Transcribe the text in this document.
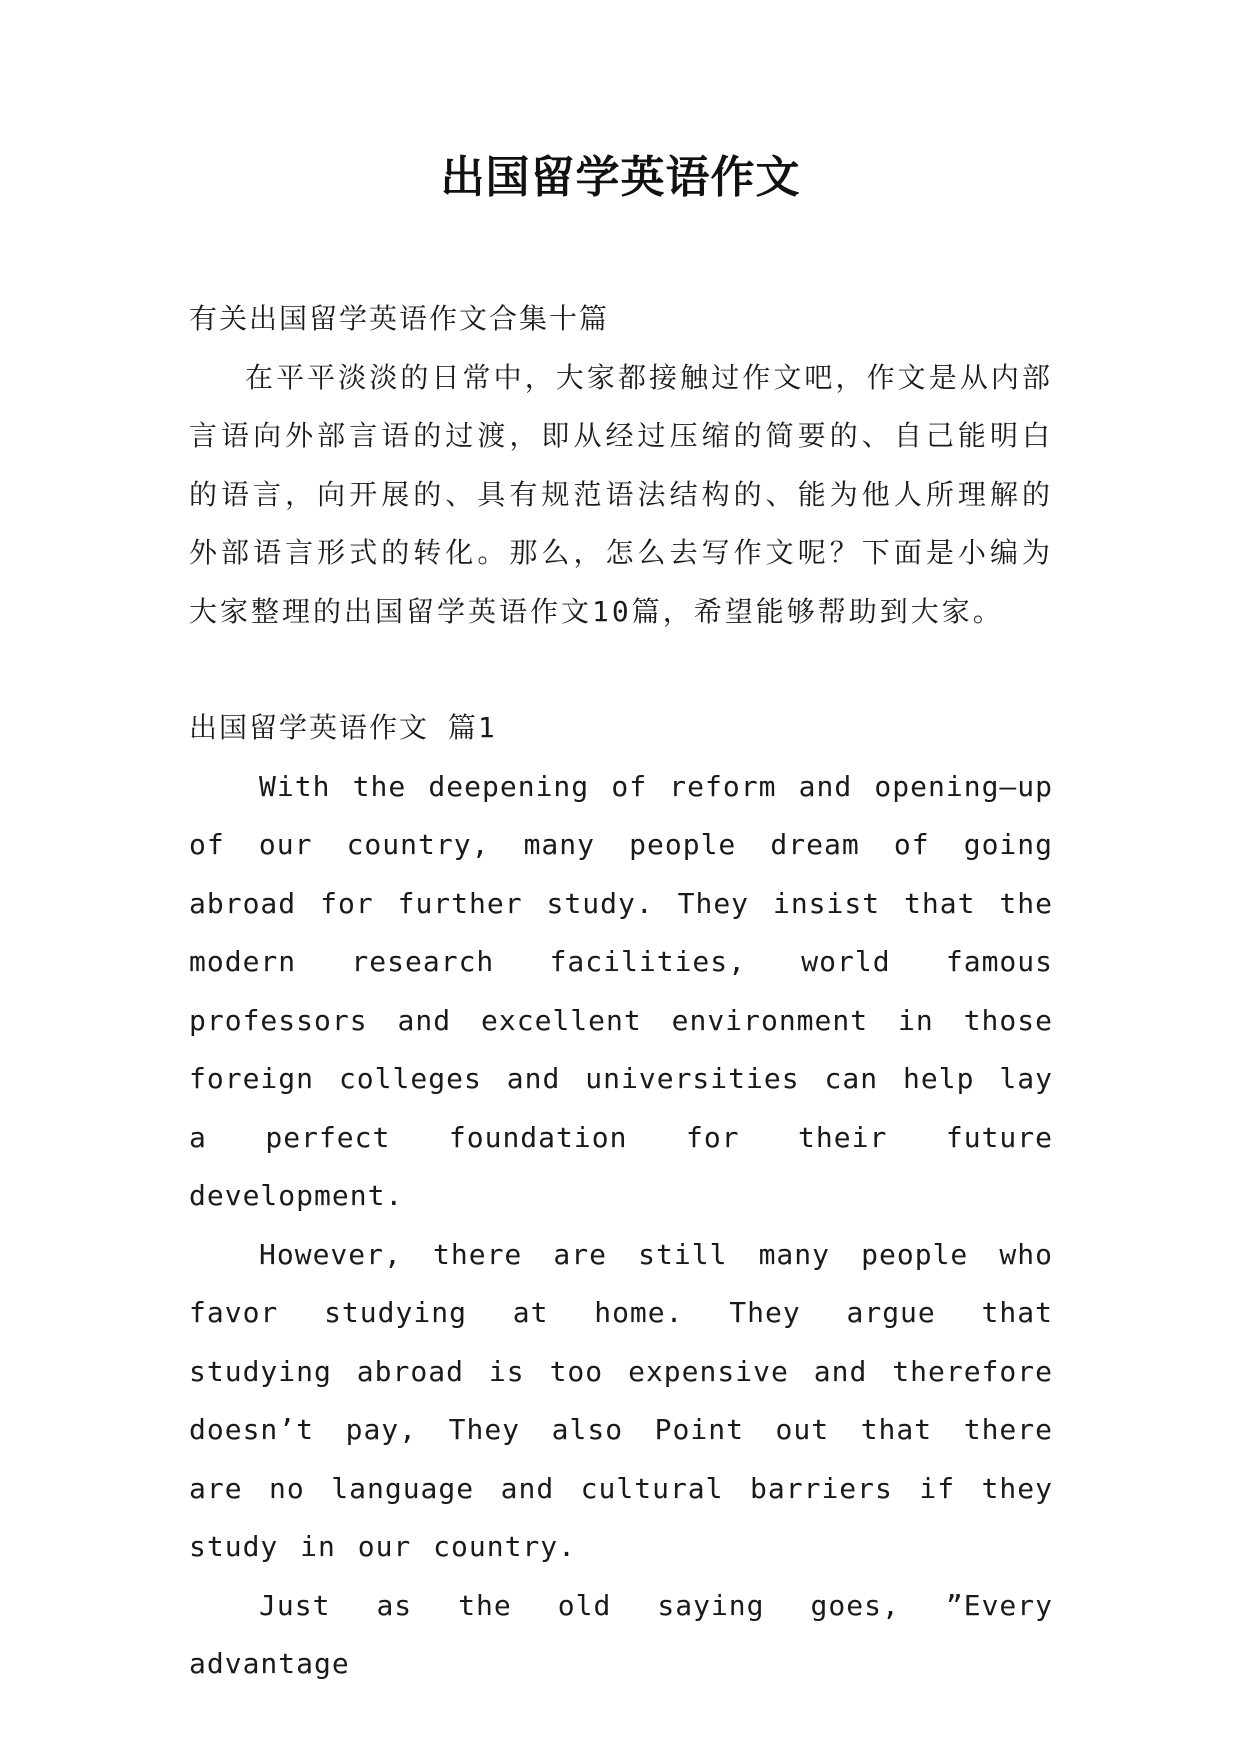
出国留学英语作文

有关出国留学英语作文合集十篇

在平平淡淡的日常中，大家都接触过作文吧，作文是从内部言语向外部言语的过渡，即从经过压缩的简要的、自己能明白的语言，向开展的、具有规范语法结构的、能为他人所理解的外部语言形式的转化。那么，怎么去写作文呢？下面是小编为大家整理的出国留学英语作文10篇，希望能够帮助到大家。

出国留学英语作文 篇1

With the deepening of reform and opening—up of our country, many people dream of going abroad for further study. They insist that the modern research facilities, world famous professors and excellent environment in those foreign colleges and universities can help lay a perfect foundation for their future development.

However, there are still many people who favor studying at home. They argue that studying abroad is too expensive and therefore doesn’t pay, They also Point out that there are no language and cultural barriers if they study in our country.

Just as the old saying goes, ”Every advantage
